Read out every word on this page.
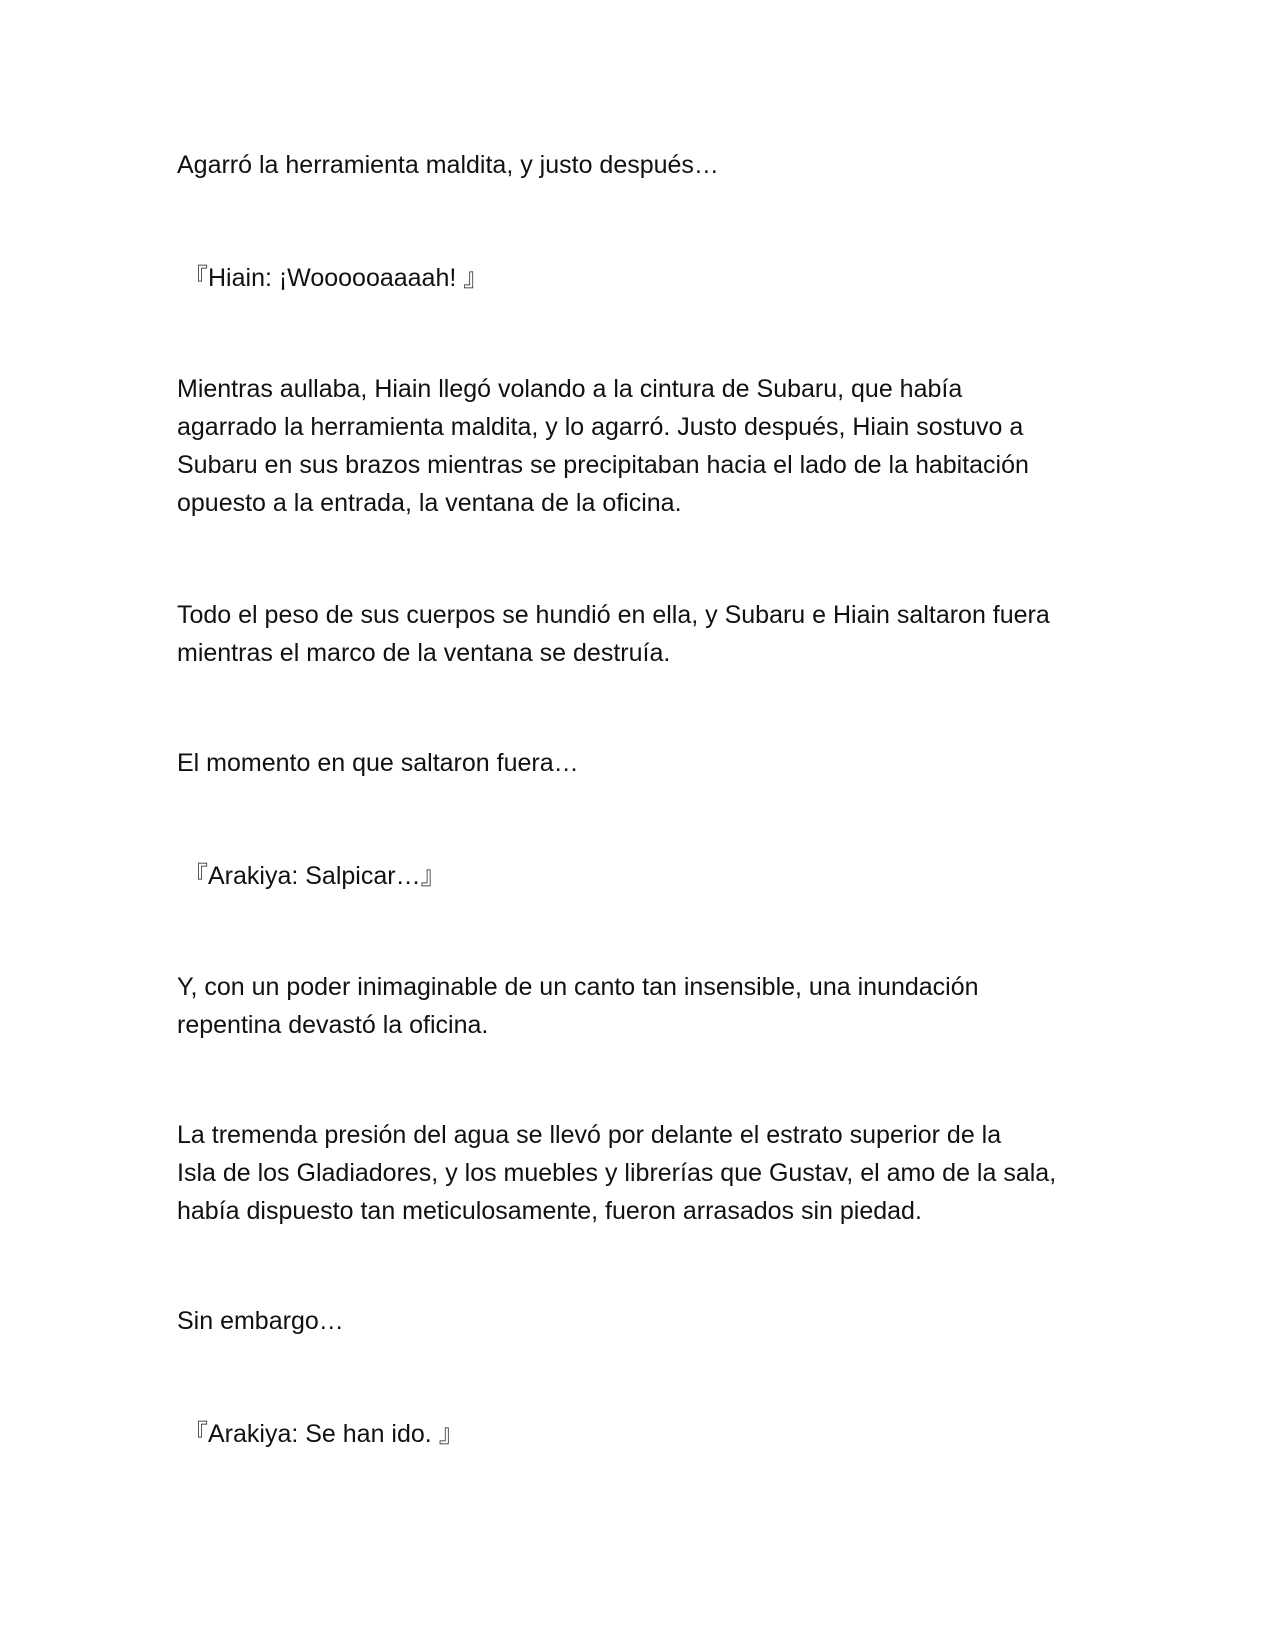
Agarró la herramienta maldita, y justo después…

『Hiain: ¡Woooooaaaah! 』

Mientras aullaba, Hiain llegó volando a la cintura de Subaru, que había
agarrado la herramienta maldita, y lo agarró. Justo después, Hiain sostuvo a
Subaru en sus brazos mientras se precipitaban hacia el lado de la habitación
opuesto a la entrada, la ventana de la oficina.

Todo el peso de sus cuerpos se hundió en ella, y Subaru e Hiain saltaron fuera
mientras el marco de la ventana se destruía.

El momento en que saltaron fuera…

『Arakiya: Salpicar…』

Y, con un poder inimaginable de un canto tan insensible, una inundación
repentina devastó la oficina.

La tremenda presión del agua se llevó por delante el estrato superior de la
Isla de los Gladiadores, y los muebles y librerías que Gustav, el amo de la sala,
había dispuesto tan meticulosamente, fueron arrasados sin piedad.

Sin embargo…

『Arakiya: Se han ido. 』
